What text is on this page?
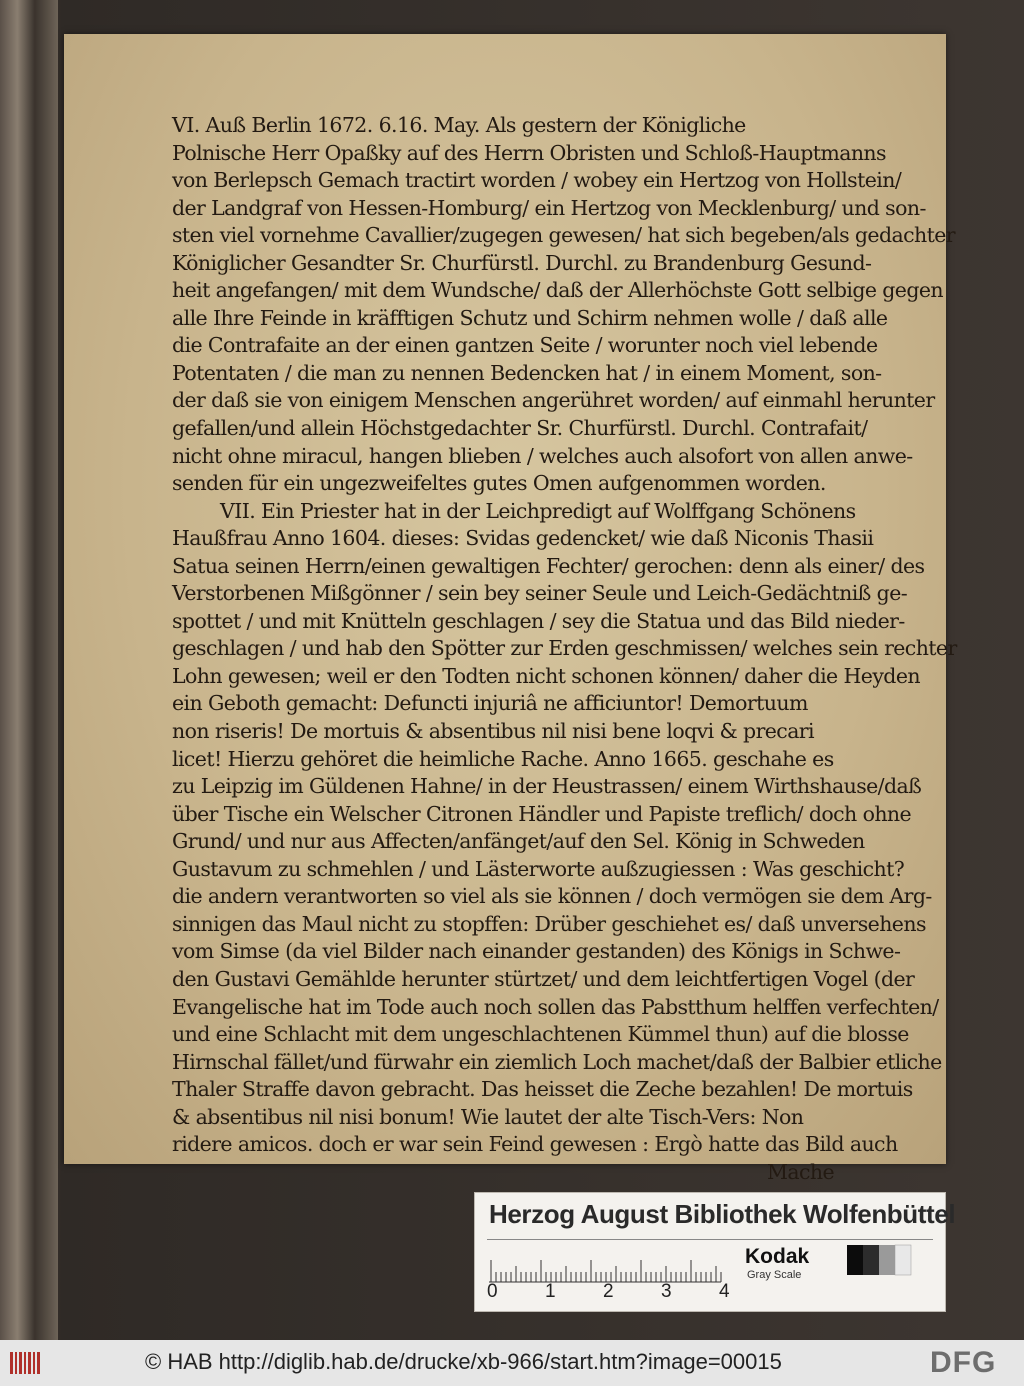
VI. Auß Berlin 1672. 6.16. May. Als gestern der Königliche
Polnische Herr Opaßky auf des Herrn Obristen und Schloß-Hauptmanns
von Berlepsch Gemach tractirt worden / wobey ein Hertzog von Hollstein/
der Landgraf von Hessen-Homburg/ ein Hertzog von Mecklenburg/ und son-
sten viel vornehme Cavallier/zugegen gewesen/ hat sich begeben/als gedachter
Königlicher Gesandter Sr. Churfürstl. Durchl. zu Brandenburg Gesund-
heit angefangen/ mit dem Wundsche/ daß der Allerhöchste Gott selbige gegen
alle Ihre Feinde in kräfftigen Schutz und Schirm nehmen wolle / daß alle
die Contrafaite an der einen gantzen Seite / worunter noch viel lebende
Potentaten / die man zu nennen Bedencken hat / in einem Moment, son-
der daß sie von einigem Menschen angerühret worden/ auf einmahl herunter
gefallen/und allein Höchstgedachter Sr. Churfürstl. Durchl. Contrafait/
nicht ohne miracul, hangen blieben / welches auch alsofort von allen anwe-
senden für ein ungezweifeltes gutes Omen aufgenommen worden.
VII. Ein Priester hat in der Leichpredigt auf Wolffgang Schönens
Haußfrau Anno 1604. dieses: Svidas gedencket/ wie daß Niconis Thasii
Satua seinen Herrn/einen gewaltigen Fechter/ gerochen: denn als einer/ des
Verstorbenen Mißgönner / sein bey seiner Seule und Leich-Gedächtniß ge-
spottet / und mit Knütteln geschlagen / sey die Statua und das Bild nieder-
geschlagen / und hab den Spötter zur Erden geschmissen/ welches sein rechter
Lohn gewesen; weil er den Todten nicht schonen können/ daher die Heyden
ein Geboth gemacht: Defuncti injuriâ ne afficiuntor! Demortuum
non riseris! De mortuis & absentibus nil nisi bene loqvi & precari
licet! Hierzu gehöret die heimliche Rache. Anno 1665. geschahe es
zu Leipzig im Güldenen Hahne/ in der Heustrassen/ einem Wirthshause/daß
über Tische ein Welscher Citronen Händler und Papiste treflich/ doch ohne
Grund/ und nur aus Affecten/anfänget/auf den Sel. König in Schweden
Gustavum zu schmehlen / und Lästerworte außzugiessen : Was geschicht?
die andern verantworten so viel als sie können / doch vermögen sie dem Arg-
sinnigen das Maul nicht zu stopffen: Drüber geschiehet es/ daß unversehens
vom Simse (da viel Bilder nach einander gestanden) des Königs in Schwe-
den Gustavi Gemählde herunter stürtzet/ und dem leichtfertigen Vogel (der
Evangelische hat im Tode auch noch sollen das Pabstthum helffen verfechten/
und eine Schlacht mit dem ungeschlachtenen Kümmel thun) auf die blosse
Hirnschal fället/und fürwahr ein ziemlich Loch machet/daß der Balbier etliche
Thaler Straffe davon gebracht. Das heisset die Zeche bezahlen! De mortuis
& absentibus nil nisi bonum! Wie lautet der alte Tisch-Vers: Non
ridere amicos. doch er war sein Feind gewesen : Ergò hatte das Bild auch
Mache
Herzog August Bibliothek Wolfenbüttel
0 1 2 3 4
Kodak
Gray Scale
© HAB http://diglib.hab.de/drucke/xb-966/start.htm?image=00015	DFG
